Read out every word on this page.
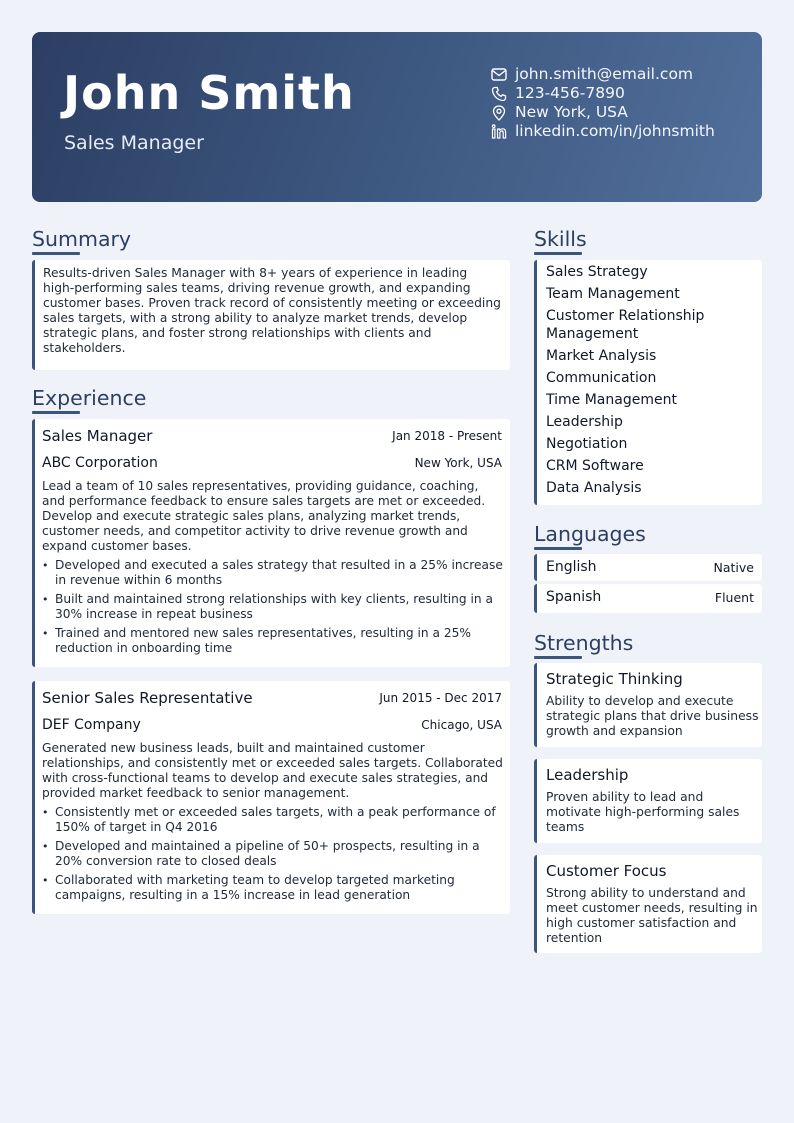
John Smith
Sales Manager
john.smith@email.com
123-456-7890
New York, USA
linkedin.com/in/johnsmith
Summary
Results-driven Sales Manager with 8+ years of experience in leading high-performing sales teams, driving revenue growth, and expanding customer bases. Proven track record of consistently meeting or exceeding sales targets, with a strong ability to analyze market trends, develop strategic plans, and foster strong relationships with clients and stakeholders.
Experience
Sales Manager	Jan 2018 - Present
ABC Corporation	New York, USA
Lead a team of 10 sales representatives, providing guidance, coaching, and performance feedback to ensure sales targets are met or exceeded. Develop and execute strategic sales plans, analyzing market trends, customer needs, and competitor activity to drive revenue growth and expand customer bases.
• Developed and executed a sales strategy that resulted in a 25% increase in revenue within 6 months
• Built and maintained strong relationships with key clients, resulting in a 30% increase in repeat business
• Trained and mentored new sales representatives, resulting in a 25% reduction in onboarding time
Senior Sales Representative	Jun 2015 - Dec 2017
DEF Company	Chicago, USA
Generated new business leads, built and maintained customer relationships, and consistently met or exceeded sales targets. Collaborated with cross-functional teams to develop and execute sales strategies, and provided market feedback to senior management.
• Consistently met or exceeded sales targets, with a peak performance of 150% of target in Q4 2016
• Developed and maintained a pipeline of 50+ prospects, resulting in a 20% conversion rate to closed deals
• Collaborated with marketing team to develop targeted marketing campaigns, resulting in a 15% increase in lead generation
Skills
Sales Strategy
Team Management
Customer Relationship Management
Market Analysis
Communication
Time Management
Leadership
Negotiation
CRM Software
Data Analysis
Languages
English	Native
Spanish	Fluent
Strengths
Strategic Thinking
Ability to develop and execute strategic plans that drive business growth and expansion
Leadership
Proven ability to lead and motivate high-performing sales teams
Customer Focus
Strong ability to understand and meet customer needs, resulting in high customer satisfaction and retention
